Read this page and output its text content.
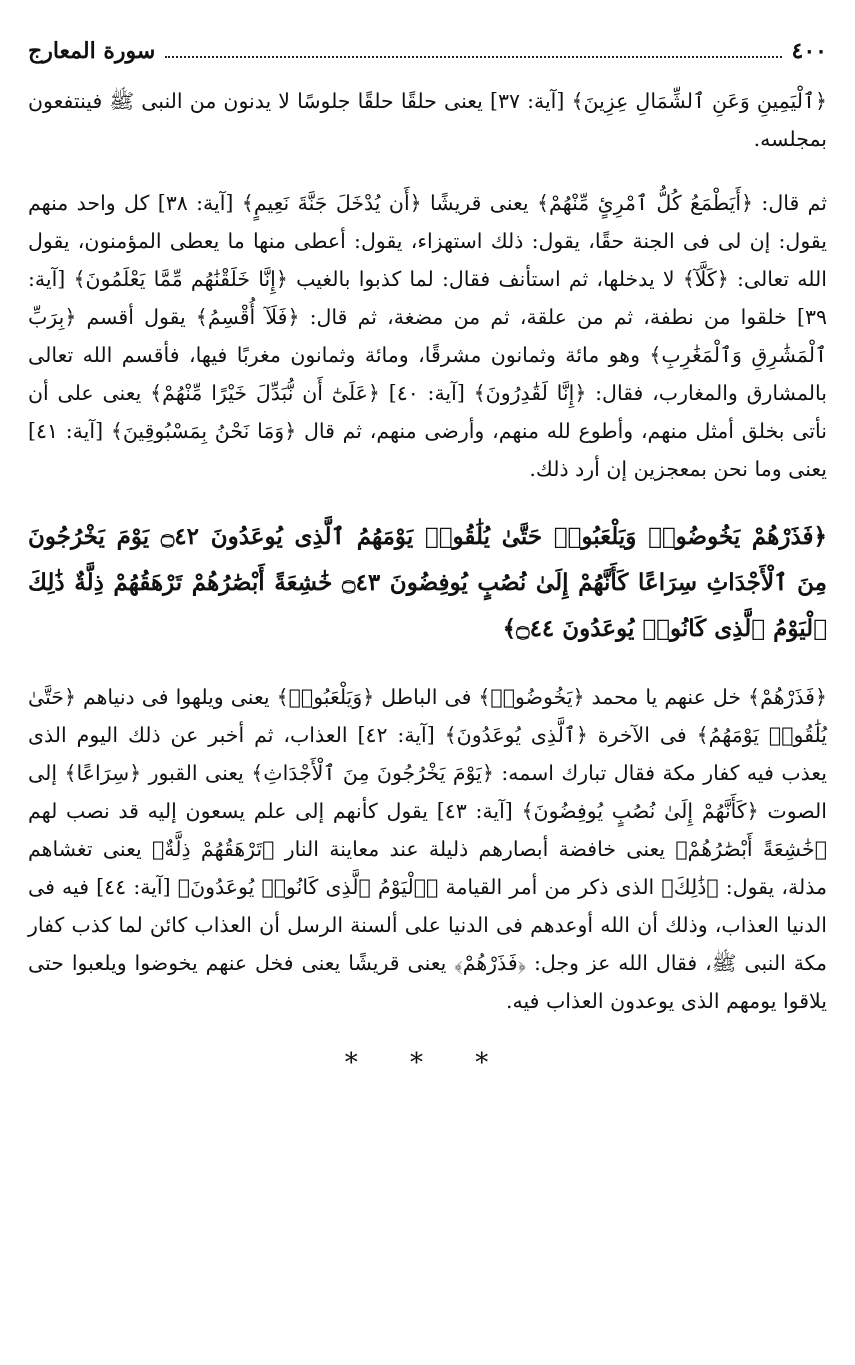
٤٠٠
سورة المعارج

﴿ٱلْيَمِينِ وَعَنِ ٱلشِّمَالِ عِزِينَ﴾ [آية: ٣٧] يعنى حلقًا حلقًا جلوسًا لا يدنون من النبى ﷺ فينتفعون بمجلسه.

ثم قال: ﴿أَيَطْمَعُ كُلُّ ٱمْرِئٍ مِّنْهُمْ﴾ يعنى قريشًا ﴿أَن يُدْخَلَ جَنَّةَ نَعِيمٍ﴾ [آية: ٣٨] كل واحد منهم يقول: إن لى فى الجنة حقًا، يقول: ذلك استهزاء، يقول: أعطى منها ما يعطى المؤمنون، يقول الله تعالى: ﴿كَلَّآ﴾ لا يدخلها، ثم استأنف فقال: لما كذبوا بالغيب ﴿إِنَّا خَلَقْنَٰهُم مِّمَّا يَعْلَمُونَ﴾ [آية: ٣٩] خلقوا من نطفة، ثم من علقة، ثم من مضغة، ثم قال: ﴿فَلَآ أُقْسِمُ﴾ يقول أقسم ﴿بِرَبِّ ٱلْمَشَٰرِقِ وَٱلْمَغَٰرِبِ﴾ وهو مائة وثمانون مشرقًا، ومائة وثمانون مغربًا فيها، فأقسم الله تعالى بالمشارق والمغارب، فقال: ﴿إِنَّا لَقَٰدِرُونَ﴾ [آية: ٤٠] ﴿عَلَىٰٓ أَن نُّبَدِّلَ خَيْرًا مِّنْهُمْ﴾ يعنى على أن نأتى بخلق أمثل منهم، وأطوع لله منهم، وأرضى منهم، ثم قال ﴿وَمَا نَحْنُ بِمَسْبُوقِينَ﴾ [آية: ٤١] يعنى وما نحن بمعجزين إن أرد ذلك.

﴿فَذَرْهُمْ يَخُوضُوا۟ وَيَلْعَبُوا۟ حَتَّىٰ يُلَٰقُوا۟ يَوْمَهُمُ ٱلَّذِى يُوعَدُونَ ۝٤٢ يَوْمَ يَخْرُجُونَ مِنَ ٱلْأَجْدَاثِ سِرَاعًا كَأَنَّهُمْ إِلَىٰ نُصُبٍ يُوفِضُونَ ۝٤٣ خَٰشِعَةً أَبْصَٰرُهُمْ تَرْهَقُهُمْ ذِلَّةٌ ذَٰلِكَ ٱلْيَوْمُ ٱلَّذِى كَانُوا۟ يُوعَدُونَ ۝٤٤﴾

﴿فَذَرْهُمْ﴾ خل عنهم يا محمد ﴿يَخُوضُوا۟﴾ فى الباطل ﴿وَيَلْعَبُوا۟﴾ يعنى ويلهوا فى دنياهم ﴿حَتَّىٰ يُلَٰقُوا۟ يَوْمَهُمُ﴾ فى الآخرة ﴿ٱلَّذِى يُوعَدُونَ﴾ [آية: ٤٢] العذاب، ثم أخبر عن ذلك اليوم الذى يعذب فيه كفار مكة فقال تبارك اسمه: ﴿يَوْمَ يَخْرُجُونَ مِنَ ٱلْأَجْدَاثِ﴾ يعنى القبور ﴿سِرَاعًا﴾ إلى الصوت ﴿كَأَنَّهُمْ إِلَىٰ نُصُبٍ يُوفِضُونَ﴾ [آية: ٤٣] يقول كأنهم إلى علم يسعون إليه قد نصب لهم ﴿خَٰشِعَةً أَبْصَٰرُهُمْ﴾ يعنى خافضة أبصارهم ذليلة عند معاينة النار ﴿تَرْهَقُهُمْ ذِلَّةٌ﴾ يعنى تغشاهم مذلة، يقول: ﴿ذَٰلِكَ﴾ الذى ذكر من أمر القيامة ﴿ٱلْيَوْمُ ٱلَّذِى كَانُوا۟ يُوعَدُونَ﴾ [آية: ٤٤] فيه فى الدنيا العذاب، وذلك أن الله أوعدهم فى الدنيا على ألسنة الرسل أن العذاب كائن لما كذب كفار مكة النبى ﷺ، فقال الله عز وجل: ﴿فَذَرْهُمْ﴾ يعنى قريشًا يعنى فخل عنهم يخوضوا ويلعبوا حتى يلاقوا يومهم الذى يوعدون العذاب فيه.

* * *
